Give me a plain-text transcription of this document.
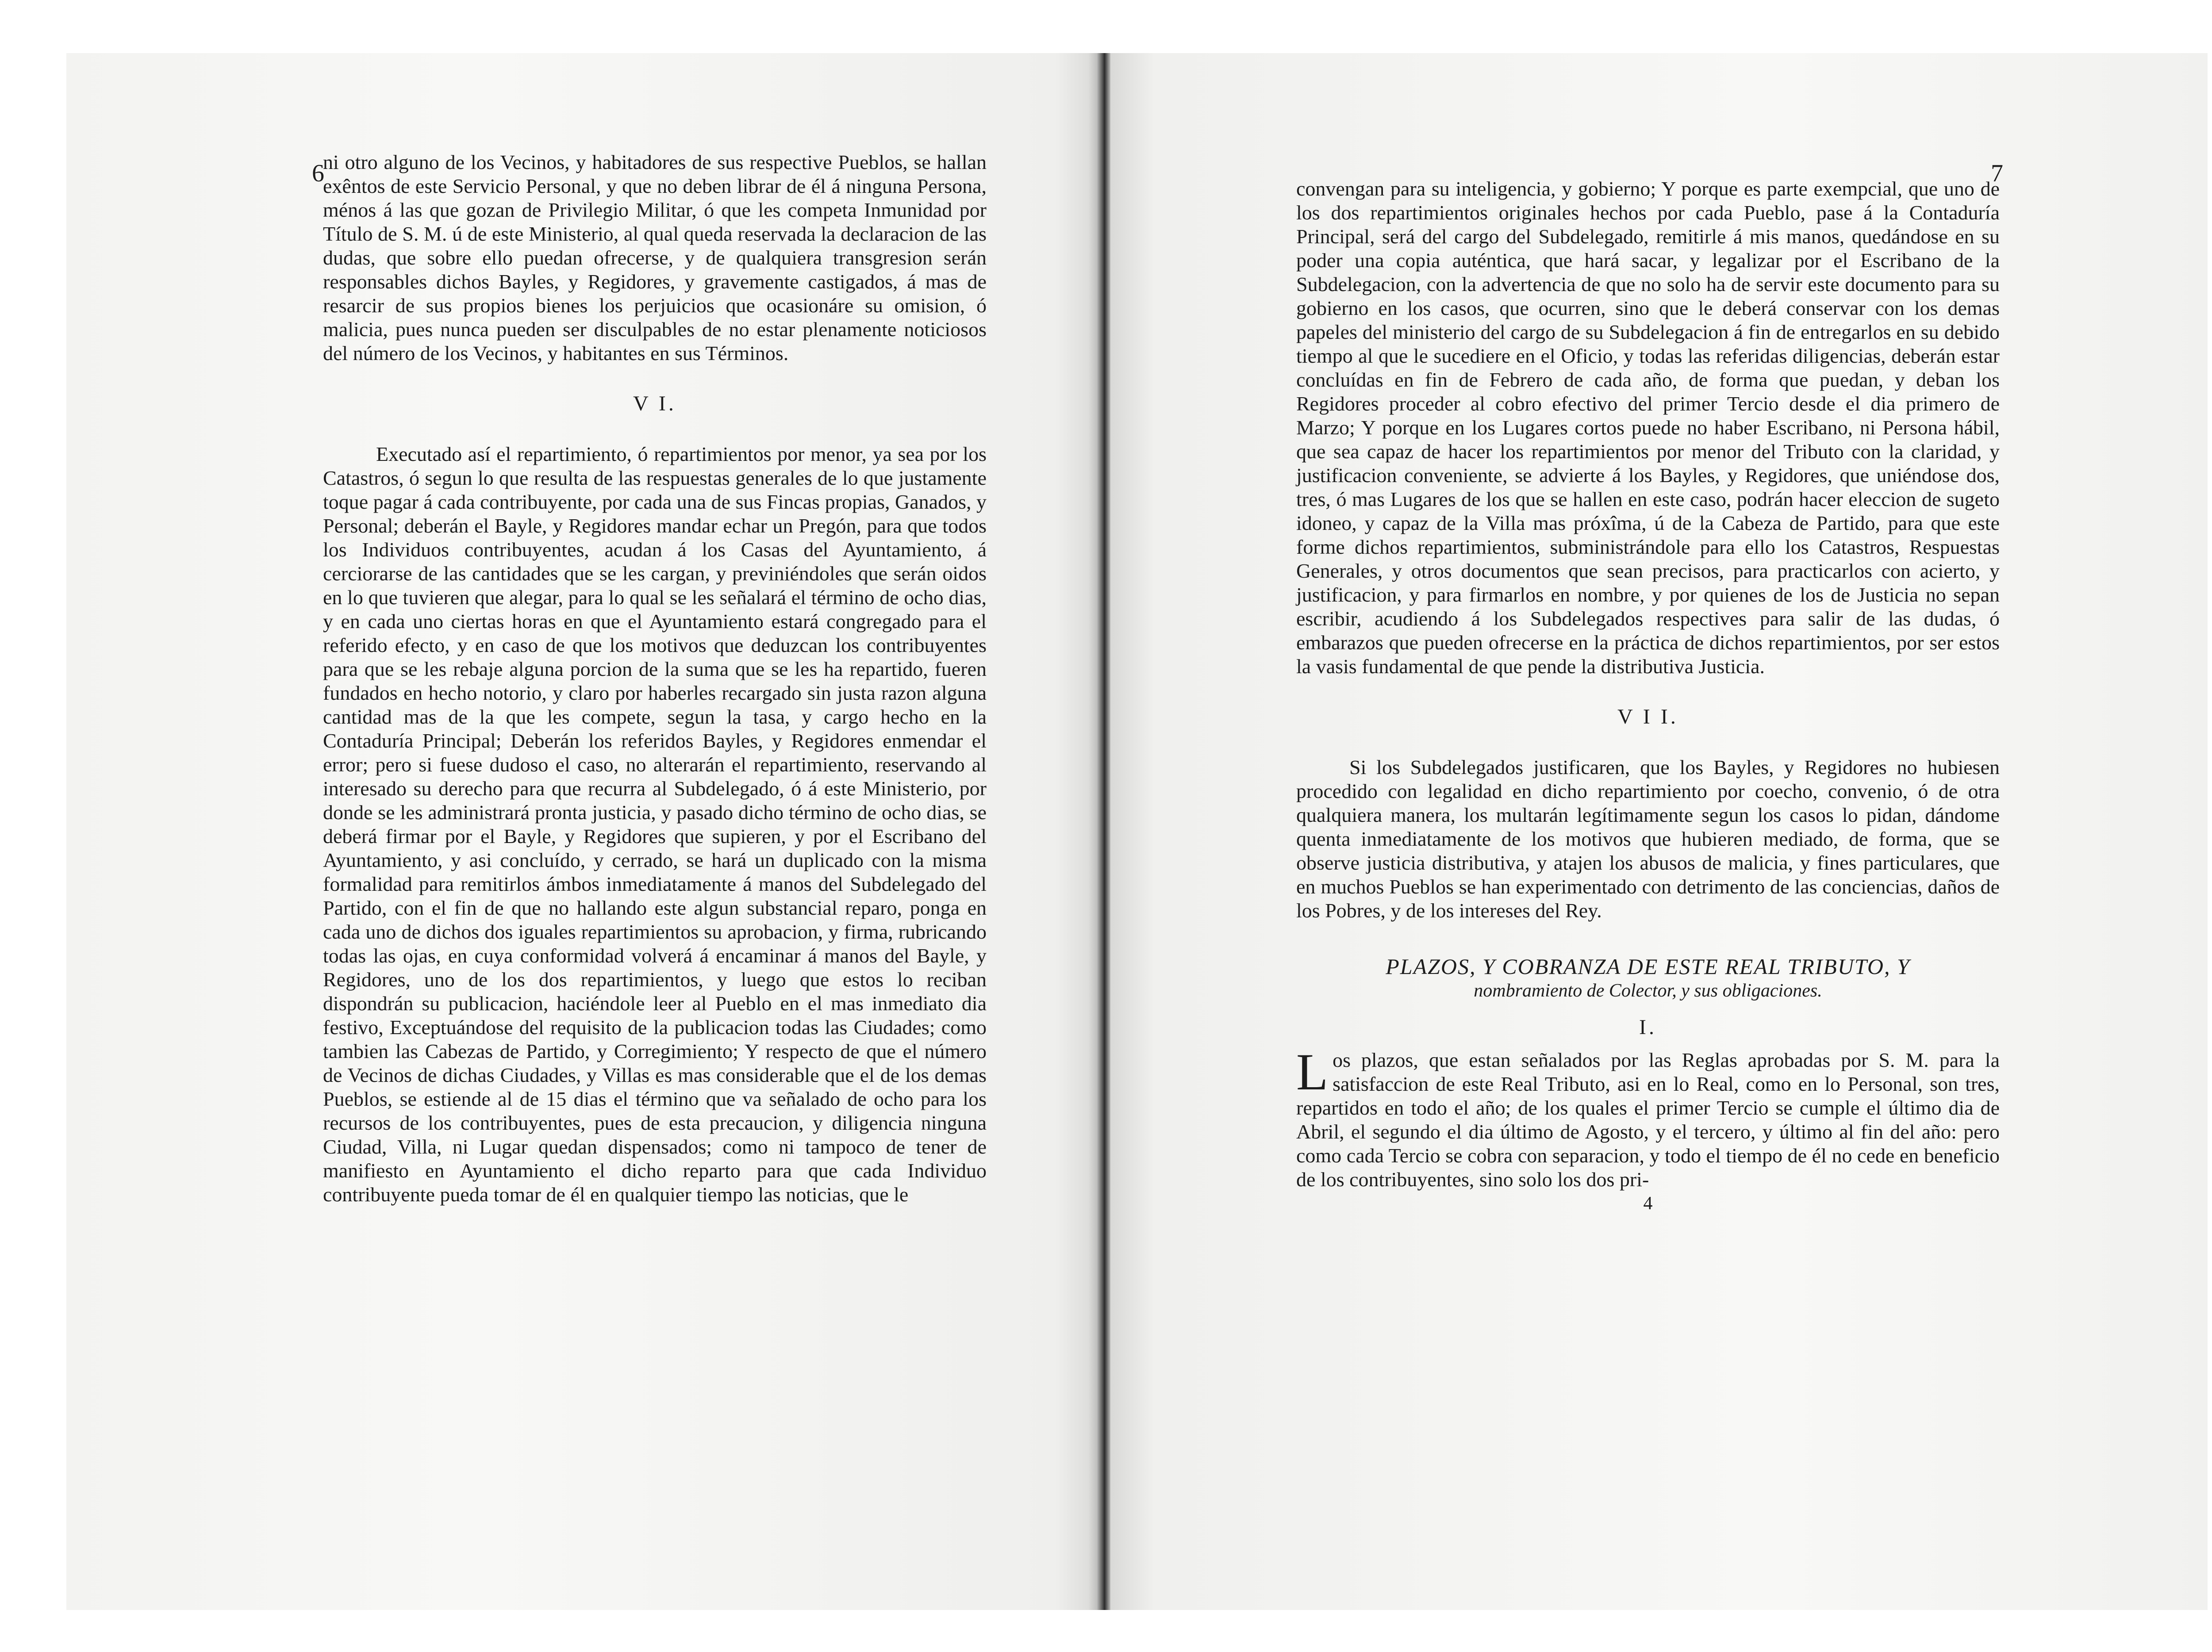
6

ni otro alguno de los Vecinos, y habitadores de sus respective Pueblos, se hallan exêntos de este Servicio Personal, y que no deben librar de él á ninguna Persona, ménos á las que gozan de Privilegio Militar, ó que les competa Inmunidad por Título de S. M. ú de este Ministerio, al qual queda reservada la declaracion de las dudas, que sobre ello puedan ofrecerse, y de qualquiera transgresion serán responsables dichos Bayles, y Regidores, y gravemente castigados, á mas de resarcir de sus propios bienes los perjuicios que ocasionáre su omision, ó malicia, pues nunca pueden ser disculpables de no estar plenamente noticiosos del número de los Vecinos, y habitantes en sus Términos.

V I.

Executado así el repartimiento, ó repartimientos por menor, ya sea por los Catastros, ó segun lo que resulta de las respuestas generales de lo que justamente toque pagar á cada contribuyente, por cada una de sus Fincas propias, Ganados, y Personal; deberán el Bayle, y Regidores mandar echar un Pregón, para que todos los Individuos contribuyentes, acudan á los Casas del Ayuntamiento, á cerciorarse de las cantidades que se les cargan, y previniéndoles que serán oidos en lo que tuvieren que alegar, para lo qual se les señalará el término de ocho dias, y en cada uno ciertas horas en que el Ayuntamiento estará congregado para el referido efecto, y en caso de que los motivos que deduzcan los contribuyentes para que se les rebaje alguna porcion de la suma que se les ha repartido, fueren fundados en hecho notorio, y claro por haberles recargado sin justa razon alguna cantidad mas de la que les compete, segun la tasa, y cargo hecho en la Contaduría Principal; Deberán los referidos Bayles, y Regidores enmendar el error; pero si fuese dudoso el caso, no alterarán el repartimiento, reservando al interesado su derecho para que recurra al Subdelegado, ó á este Ministerio, por donde se les administrará pronta justicia, y pasado dicho término de ocho dias, se deberá firmar por el Bayle, y Regidores que supieren, y por el Escribano del Ayuntamiento, y asi concluído, y cerrado, se hará un duplicado con la misma formalidad para remitirlos ámbos inmediatamente á manos del Subdelegado del Partido, con el fin de que no hallando este algun substancial reparo, ponga en cada uno de dichos dos iguales repartimientos su aprobacion, y firma, rubricando todas las ojas, en cuya conformidad volverá á encaminar á manos del Bayle, y Regidores, uno de los dos repartimientos, y luego que estos lo reciban dispondrán su publicacion, haciéndole leer al Pueblo en el mas inmediato dia festivo, Exceptuándose del requisito de la publicacion todas las Ciudades; como tambien las Cabezas de Partido, y Corregimiento; Y respecto de que el número de Vecinos de dichas Ciudades, y Villas es mas considerable que el de los demas Pueblos, se estiende al de 15 dias el término que va señalado de ocho para los recursos de los contribuyentes, pues de esta precaucion, y diligencia ninguna Ciudad, Villa, ni Lugar quedan dispensados; como ni tampoco de tener de manifiesto en Ayuntamiento el dicho reparto para que cada Individuo contribuyente pueda tomar de él en qualquier tiempo las noticias, que le

7

convengan para su inteligencia, y gobierno; Y porque es parte exempcial, que uno de los dos repartimientos originales hechos por cada Pueblo, pase á la Contaduría Principal, será del cargo del Subdelegado, remitirle á mis manos, quedándose en su poder una copia auténtica, que hará sacar, y legalizar por el Escribano de la Subdelegacion, con la advertencia de que no solo ha de servir este documento para su gobierno en los casos, que ocurren, sino que le deberá conservar con los demas papeles del ministerio del cargo de su Subdelegacion á fin de entregarlos en su debido tiempo al que le sucediere en el Oficio, y todas las referidas diligencias, deberán estar concluídas en fin de Febrero de cada año, de forma que puedan, y deban los Regidores proceder al cobro efectivo del primer Tercio desde el dia primero de Marzo; Y porque en los Lugares cortos puede no haber Escribano, ni Persona hábil, que sea capaz de hacer los repartimientos por menor del Tributo con la claridad, y justificacion conveniente, se advierte á los Bayles, y Regidores, que uniéndose dos, tres, ó mas Lugares de los que se hallen en este caso, podrán hacer eleccion de sugeto idoneo, y capaz de la Villa mas próxîma, ú de la Cabeza de Partido, para que este forme dichos repartimientos, subministrándole para ello los Catastros, Respuestas Generales, y otros documentos que sean precisos, para practicarlos con acierto, y justificacion, y para firmarlos en nombre, y por quienes de los de Justicia no sepan escribir, acudiendo á los Subdelegados respectives para salir de las dudas, ó embarazos que pueden ofrecerse en la práctica de dichos repartimientos, por ser estos la vasis fundamental de que pende la distributiva Justicia.

V I I.

Si los Subdelegados justificaren, que los Bayles, y Regidores no hubiesen procedido con legalidad en dicho repartimiento por coecho, convenio, ó de otra qualquiera manera, los multarán legítimamente segun los casos lo pidan, dándome quenta inmediatamente de los motivos que hubieren mediado, de forma, que se observe justicia distributiva, y atajen los abusos de malicia, y fines particulares, que en muchos Pueblos se han experimentado con detrimento de las conciencias, daños de los Pobres, y de los intereses del Rey.

PLAZOS, Y COBRANZA DE ESTE REAL TRIBUTO, Y
nombramiento de Colector, y sus obligaciones.
I.

Los plazos, que estan señalados por las Reglas aprobadas por S. M. para la satisfaccion de este Real Tributo, asi en lo Real, como en lo Personal, son tres, repartidos en todo el año; de los quales el primer Tercio se cumple el último dia de Abril, el segundo el dia último de Agosto, y el tercero, y último al fin del año: pero como cada Tercio se cobra con separacion, y todo el tiempo de él no cede en beneficio de los contribuyentes, sino solo los dos pri-

4
